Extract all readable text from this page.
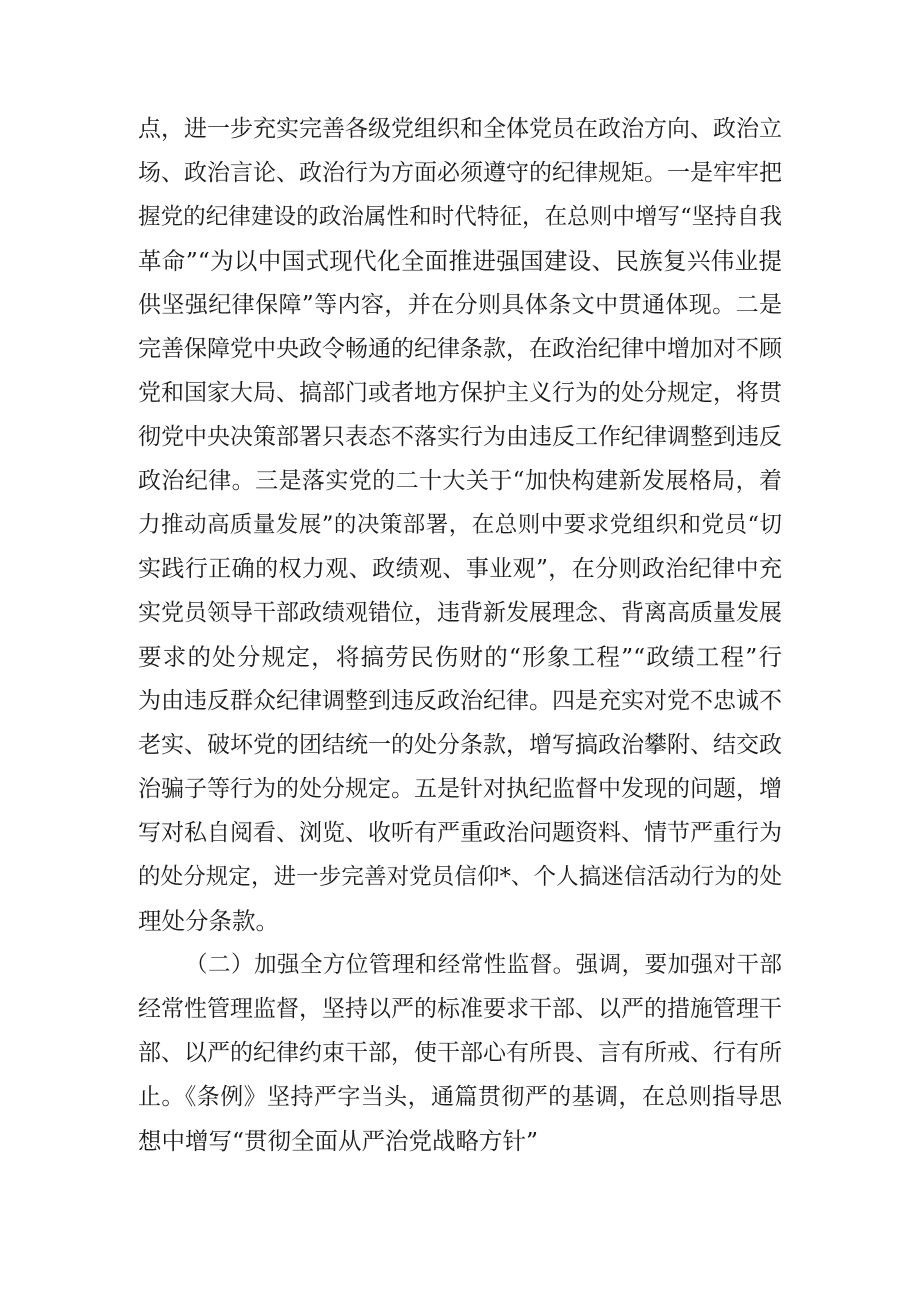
点，进一步充实完善各级党组织和全体党员在政治方向、政治立
场、政治言论、政治行为方面必须遵守的纪律规矩。一是牢牢把
握党的纪律建设的政治属性和时代特征，在总则中增写“坚持自我
革命”“为以中国式现代化全面推进强国建设、民族复兴伟业提
供坚强纪律保障”等内容，并在分则具体条文中贯通体现。二是
完善保障党中央政令畅通的纪律条款，在政治纪律中增加对不顾
党和国家大局、搞部门或者地方保护主义行为的处分规定，将贯
彻党中央决策部署只表态不落实行为由违反工作纪律调整到违反
政治纪律。三是落实党的二十大关于“加快构建新发展格局，着
力推动高质量发展”的决策部署，在总则中要求党组织和党员“切
实践行正确的权力观、政绩观、事业观”，在分则政治纪律中充
实党员领导干部政绩观错位，违背新发展理念、背离高质量发展
要求的处分规定，将搞劳民伤财的“形象工程”“政绩工程”行
为由违反群众纪律调整到违反政治纪律。四是充实对党不忠诚不
老实、破坏党的团结统一的处分条款，增写搞政治攀附、结交政
治骗子等行为的处分规定。五是针对执纪监督中发现的问题，增
写对私自阅看、浏览、收听有严重政治问题资料、情节严重行为
的处分规定，进一步完善对党员信仰*、个人搞迷信活动行为的处
理处分条款。
（二）加强全方位管理和经常性监督。强调，要加强对干部
经常性管理监督，坚持以严的标准要求干部、以严的措施管理干
部、以严的纪律约束干部，使干部心有所畏、言有所戒、行有所
止。《条例》坚持严字当头，通篇贯彻严的基调，在总则指导思
想中增写“贯彻全面从严治党战略方针”
